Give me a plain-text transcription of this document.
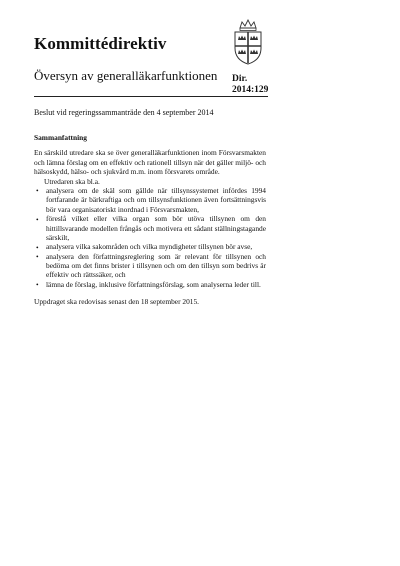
Kommittédirektiv
Översyn av generalläkarfunktionen Dir.
2014:129
Beslut vid regeringssammanträde den 4 september 2014

Sammanfattning

En särskild utredare ska se över generalläkarfunktionen inom Försvarsmakten och lämna förslag om en effektiv och rationell tillsyn när det gäller miljö- och hälsoskydd, hälso- och sjukvård m.m. inom försvarets område.

Utredaren ska bl.a.

• analysera om de skäl som gällde när tillsynssystemet infördes 1994 fortfarande är bärkraftiga och om tillsynsfunktionen även fortsättningsvis bör vara organisatoriskt inordnad i Försvarsmakten,
• föreslå vilket eller vilka organ som bör utöva tillsynen om den hittillsvarande modellen frångås och motivera ett sådant ställningstagande särskilt,
• analysera vilka sakområden och vilka myndigheter tillsynen bör avse,
• analysera den författningsreglering som är relevant för tillsynen och bedöma om det finns brister i tillsynen och om den tillsyn som bedrivs är effektiv och rättssäker, och
• lämna de förslag, inklusive författningsförslag, som analyserna leder till.

Uppdraget ska redovisas senast den 18 september 2015.
